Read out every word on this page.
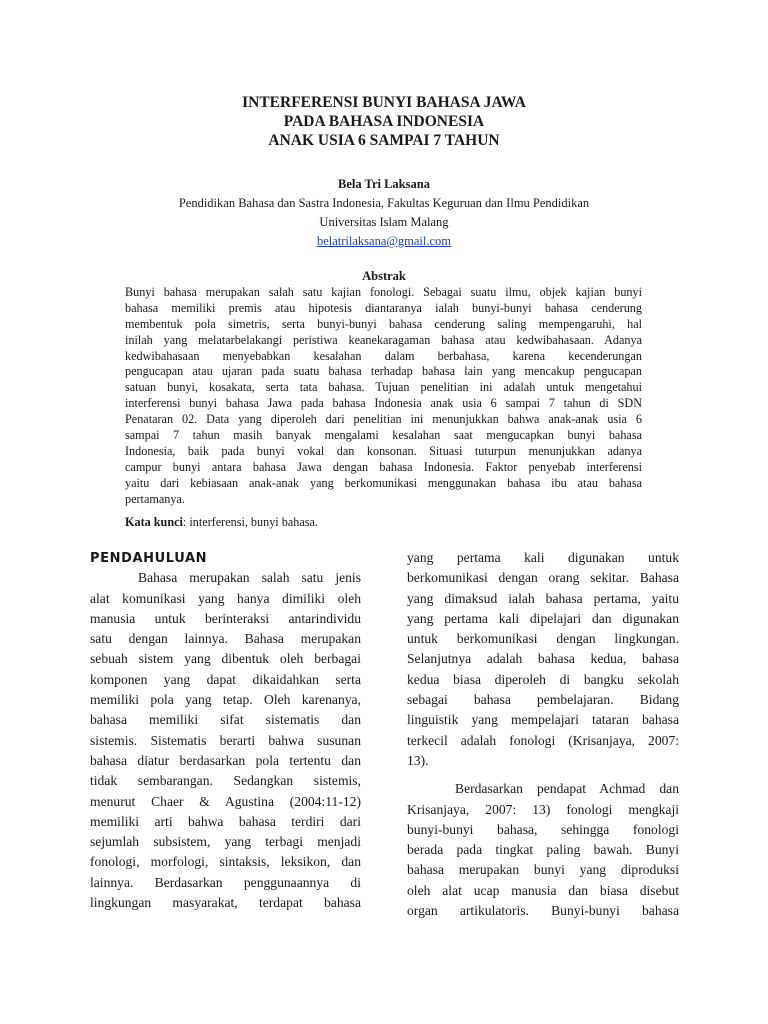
INTERFERENSI BUNYI BAHASA JAWA
PADA BAHASA INDONESIA
ANAK USIA 6 SAMPAI 7 TAHUN
Bela Tri Laksana
Pendidikan Bahasa dan Sastra Indonesia, Fakultas Keguruan dan Ilmu Pendidikan
Universitas Islam Malang
belatrilaksana@gmail.com
Abstrak
Bunyi bahasa merupakan salah satu kajian fonologi. Sebagai suatu ilmu, objek kajian bunyi
bahasa memiliki premis atau hipotesis diantaranya ialah bunyi-bunyi bahasa cenderung
membentuk pola simetris, serta bunyi-bunyi bahasa cenderung saling mempengaruhi, hal
inilah yang melatarbelakangi peristiwa keanekaragaman bahasa atau kedwibahasaan. Adanya
kedwibahasaan menyebabkan kesalahan dalam berbahasa, karena kecenderungan
pengucapan atau ujaran pada suatu bahasa terhadap bahasa lain yang mencakup pengucapan
satuan bunyi, kosakata, serta tata bahasa. Tujuan penelitian ini adalah untuk mengetahui
interferensi bunyi bahasa Jawa pada bahasa Indonesia anak usia 6 sampai 7 tahun di SDN
Penataran 02. Data yang diperoleh dari penelitian ini menunjukkan bahwa anak-anak usia 6
sampai 7 tahun masih banyak mengalami kesalahan saat mengucapkan bunyi bahasa
Indonesia, baik pada bunyi vokal dan konsonan. Situasi tuturpun menunjukkan adanya
campur bunyi antara bahasa Jawa dengan bahasa Indonesia. Faktor penyebab interferensi
yaitu dari kebiasaan anak-anak yang berkomunikasi menggunakan bahasa ibu atau bahasa
pertamanya.
Kata kunci: interferensi, bunyi bahasa.
PENDAHULUAN
Bahasa merupakan salah satu jenis
alat komunikasi yang hanya dimiliki oleh
manusia untuk berinteraksi antarindividu
satu dengan lainnya. Bahasa merupakan
sebuah sistem yang dibentuk oleh berbagai
komponen yang dapat dikaidahkan serta
memiliki pola yang tetap. Oleh karenanya,
bahasa memiliki sifat sistematis dan
sistemis. Sistematis berarti bahwa susunan
bahasa diatur berdasarkan pola tertentu dan
tidak sembarangan. Sedangkan sistemis,
menurut Chaer & Agustina (2004:11-12)
memiliki arti bahwa bahasa terdiri dari
sejumlah subsistem, yang terbagi menjadi
fonologi, morfologi, sintaksis, leksikon, dan
lainnya. Berdasarkan penggunaannya di
lingkungan masyarakat, terdapat bahasa
yang pertama kali digunakan untuk
berkomunikasi dengan orang sekitar. Bahasa
yang dimaksud ialah bahasa pertama, yaitu
yang pertama kali dipelajari dan digunakan
untuk berkomunikasi dengan lingkungan.
Selanjutnya adalah bahasa kedua, bahasa
kedua biasa diperoleh di bangku sekolah
sebagai bahasa pembelajaran. Bidang
linguistik yang mempelajari tataran bahasa
terkecil adalah fonologi (Krisanjaya, 2007:
13).
Berdasarkan pendapat Achmad dan
Krisanjaya, 2007: 13) fonologi mengkaji
bunyi-bunyi bahasa, sehingga fonologi
berada pada tingkat paling bawah. Bunyi
bahasa merupakan bunyi yang diproduksi
oleh alat ucap manusia dan biasa disebut
organ artikulatoris. Bunyi-bunyi bahasa
